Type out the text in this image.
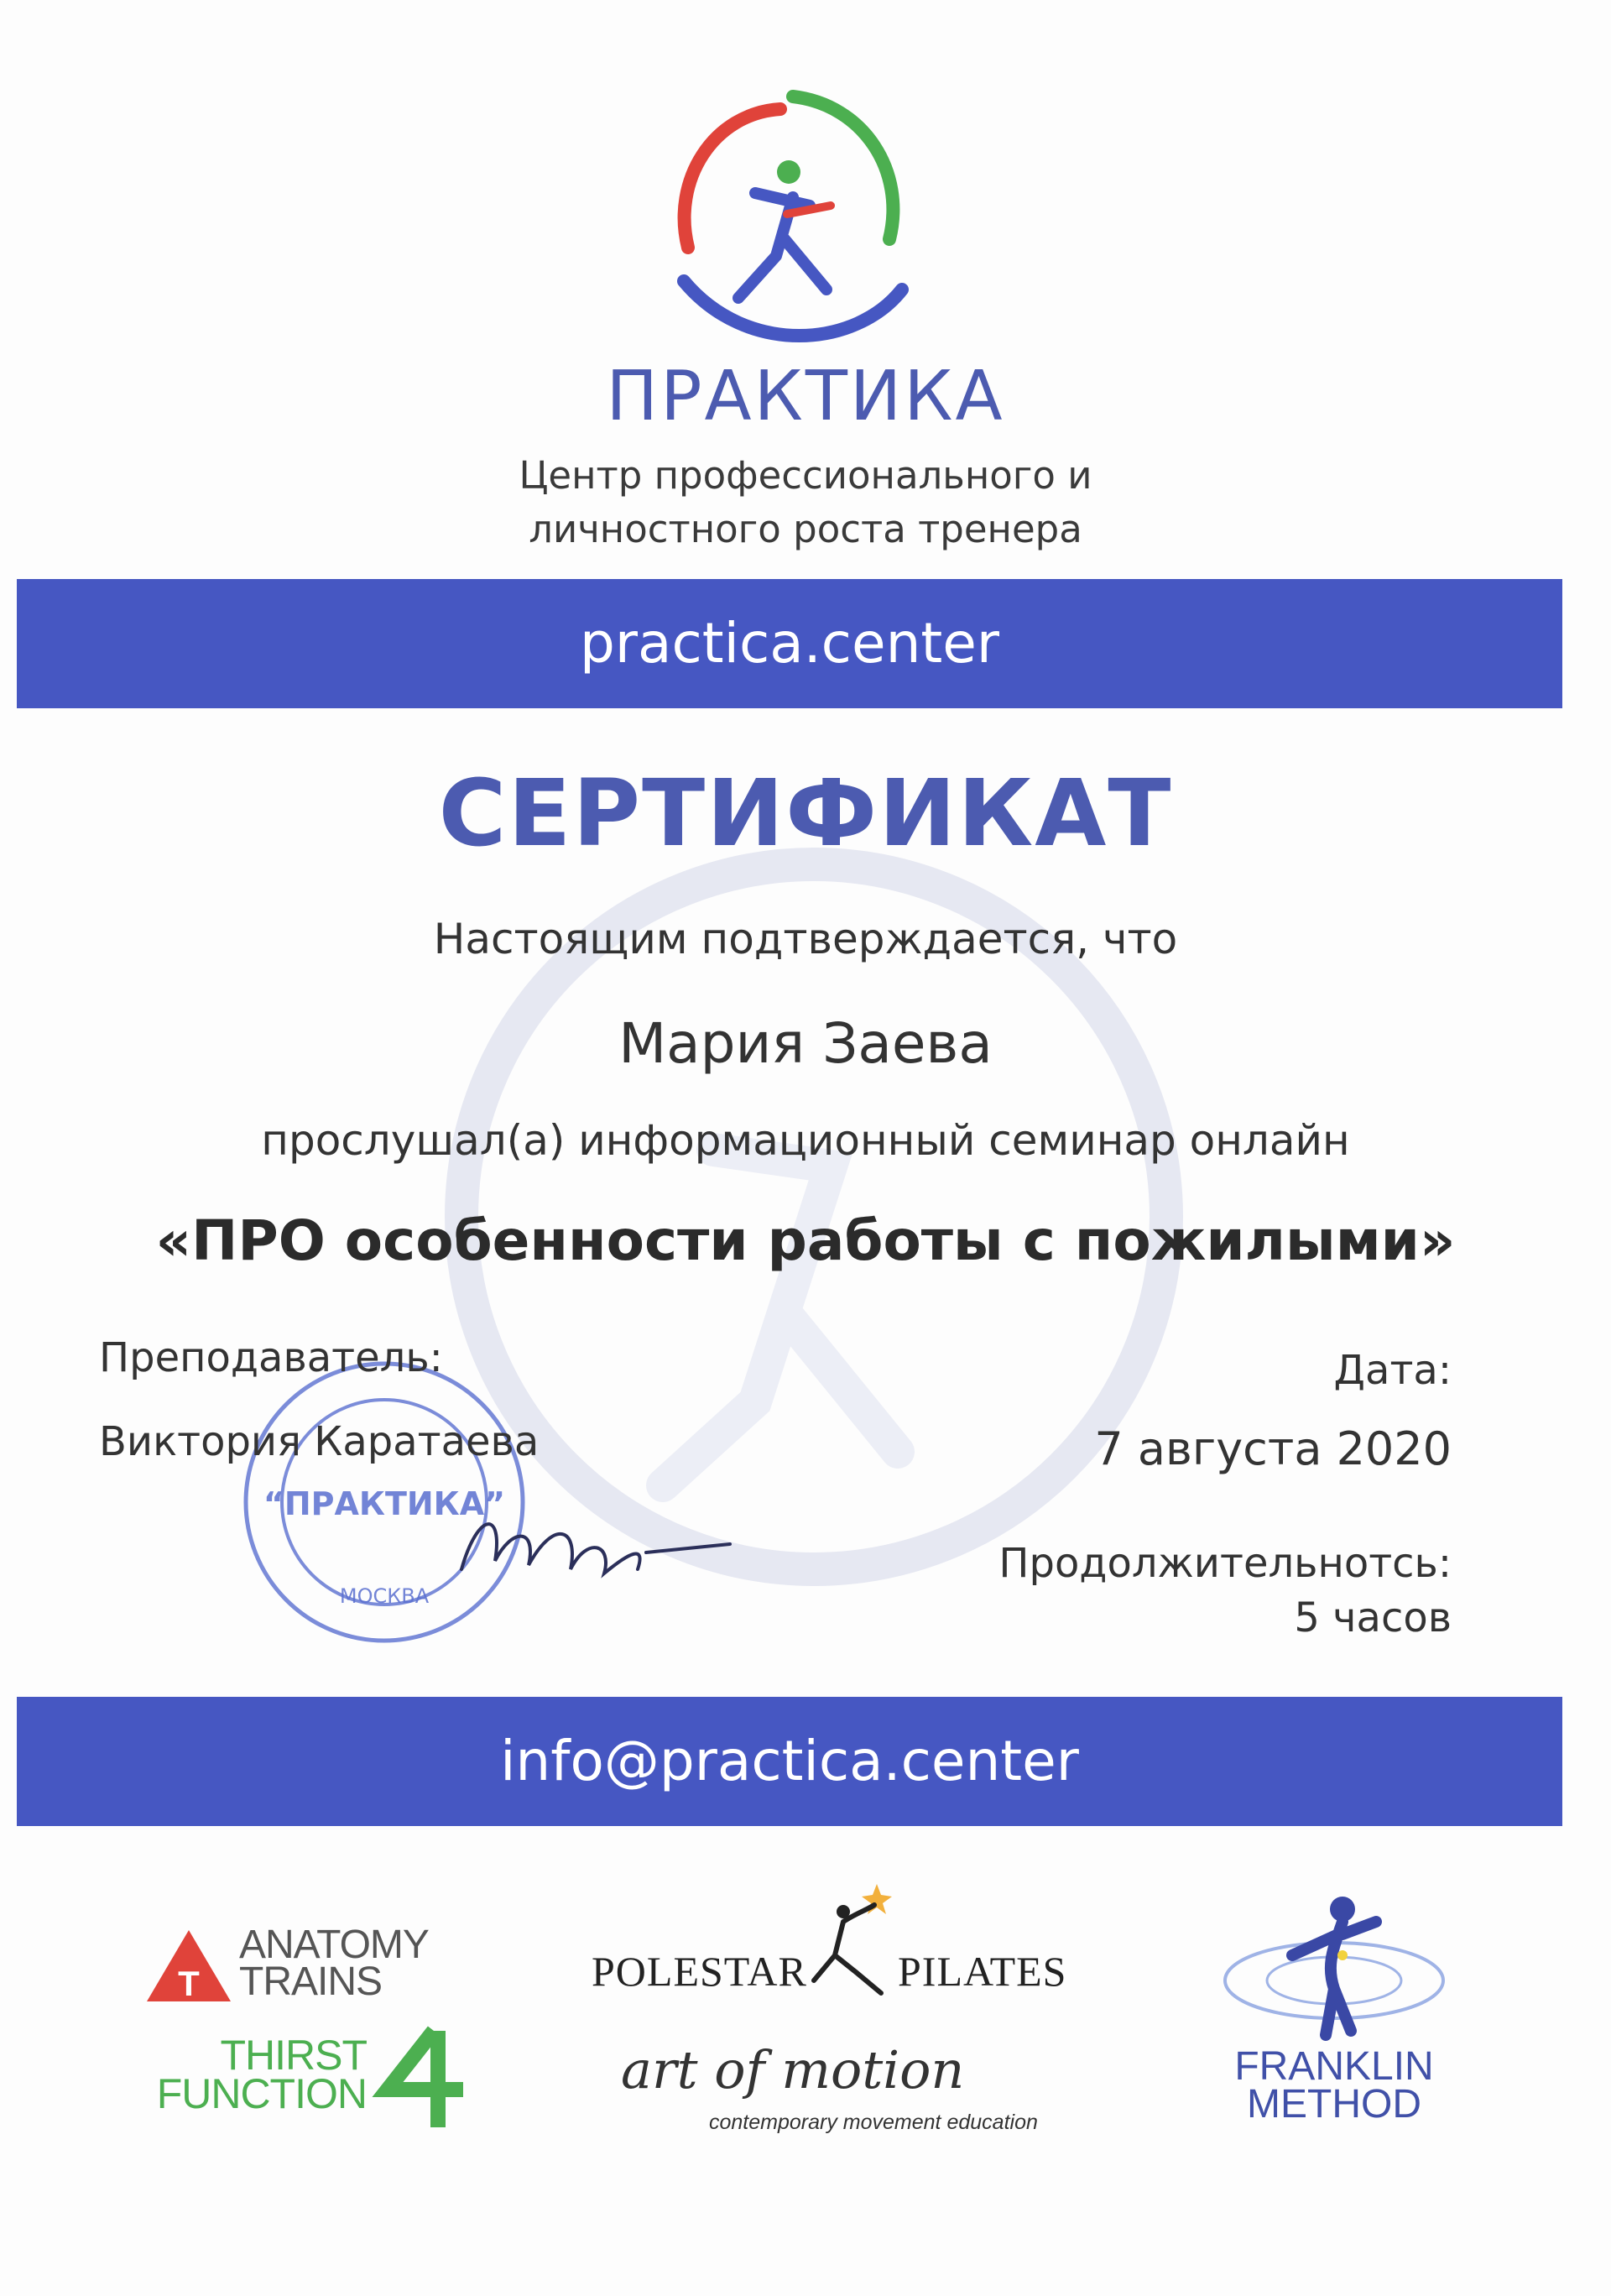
ПРАКТИКА
Центр профессионального и
личностного роста тренера
practica.center
СЕРТИФИКАТ
Настоящим подтверждается, что
Мария Заева
прослушал(а) информационный семинар онлайн
«ПРО особенности работы с пожилыми»
“ПРАКТИКА”
МОСКВА
Преподаватель:
Виктория Каратаева
Дата:
7 августа 2020
Продолжительнотсь:
5 часов
info@practica.center
T
ANATOMY
TRAINS
THIRST
FUNCTION
POLESTAR PILATES
art of motion
contemporary movement education
FRANKLIN
METHOD
